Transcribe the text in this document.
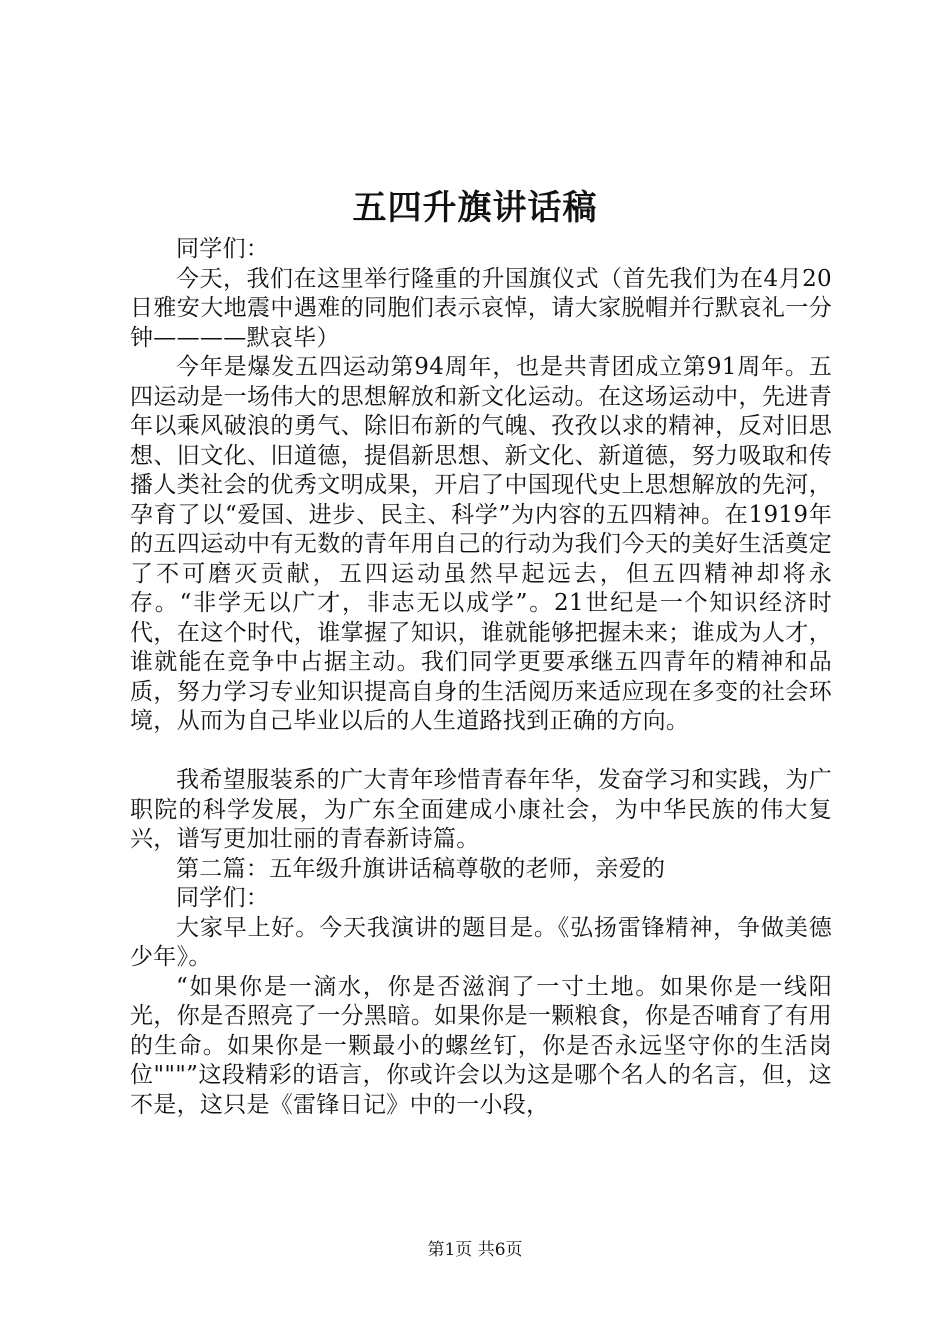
五四升旗讲话稿

同学们：

今天，我们在这里举行隆重的升国旗仪式（首先我们为在4月20日雅安大地震中遇难的同胞们表示哀悼，请大家脱帽并行默哀礼一分钟————默哀毕）

今年是爆发五四运动第94周年，也是共青团成立第91周年。五四运动是一场伟大的思想解放和新文化运动。在这场运动中，先进青年以乘风破浪的勇气、除旧布新的气魄、孜孜以求的精神，反对旧思想、旧文化、旧道德，提倡新思想、新文化、新道德，努力吸取和传播人类社会的优秀文明成果，开启了中国现代史上思想解放的先河，孕育了以“爱国、进步、民主、科学”为内容的五四精神。在1919年的五四运动中有无数的青年用自己的行动为我们今天的美好生活奠定了不可磨灭贡献，五四运动虽然早起远去，但五四精神却将永存。“非学无以广才，非志无以成学”。21世纪是一个知识经济时代，在这个时代，谁掌握了知识，谁就能够把握未来；谁成为人才，谁就能在竞争中占据主动。我们同学更要承继五四青年的精神和品质，努力学习专业知识提高自身的生活阅历来适应现在多变的社会环境，从而为自己毕业以后的人生道路找到正确的方向。

我希望服装系的广大青年珍惜青春年华，发奋学习和实践，为广职院的科学发展，为广东全面建成小康社会，为中华民族的伟大复兴，谱写更加壮丽的青春新诗篇。

第二篇：五年级升旗讲话稿尊敬的老师，亲爱的

同学们：

大家早上好。今天我演讲的题目是。《弘扬雷锋精神，争做美德少年》。

“如果你是一滴水，你是否滋润了一寸土地。如果你是一线阳光，你是否照亮了一分黑暗。如果你是一颗粮食，你是否哺育了有用的生命。如果你是一颗最小的螺丝钉，你是否永远坚守你的生活岗位"""”这段精彩的语言，你或许会以为这是哪个名人的名言，但，这不是，这只是《雷锋日记》中的一小段，

第1页 共6页
